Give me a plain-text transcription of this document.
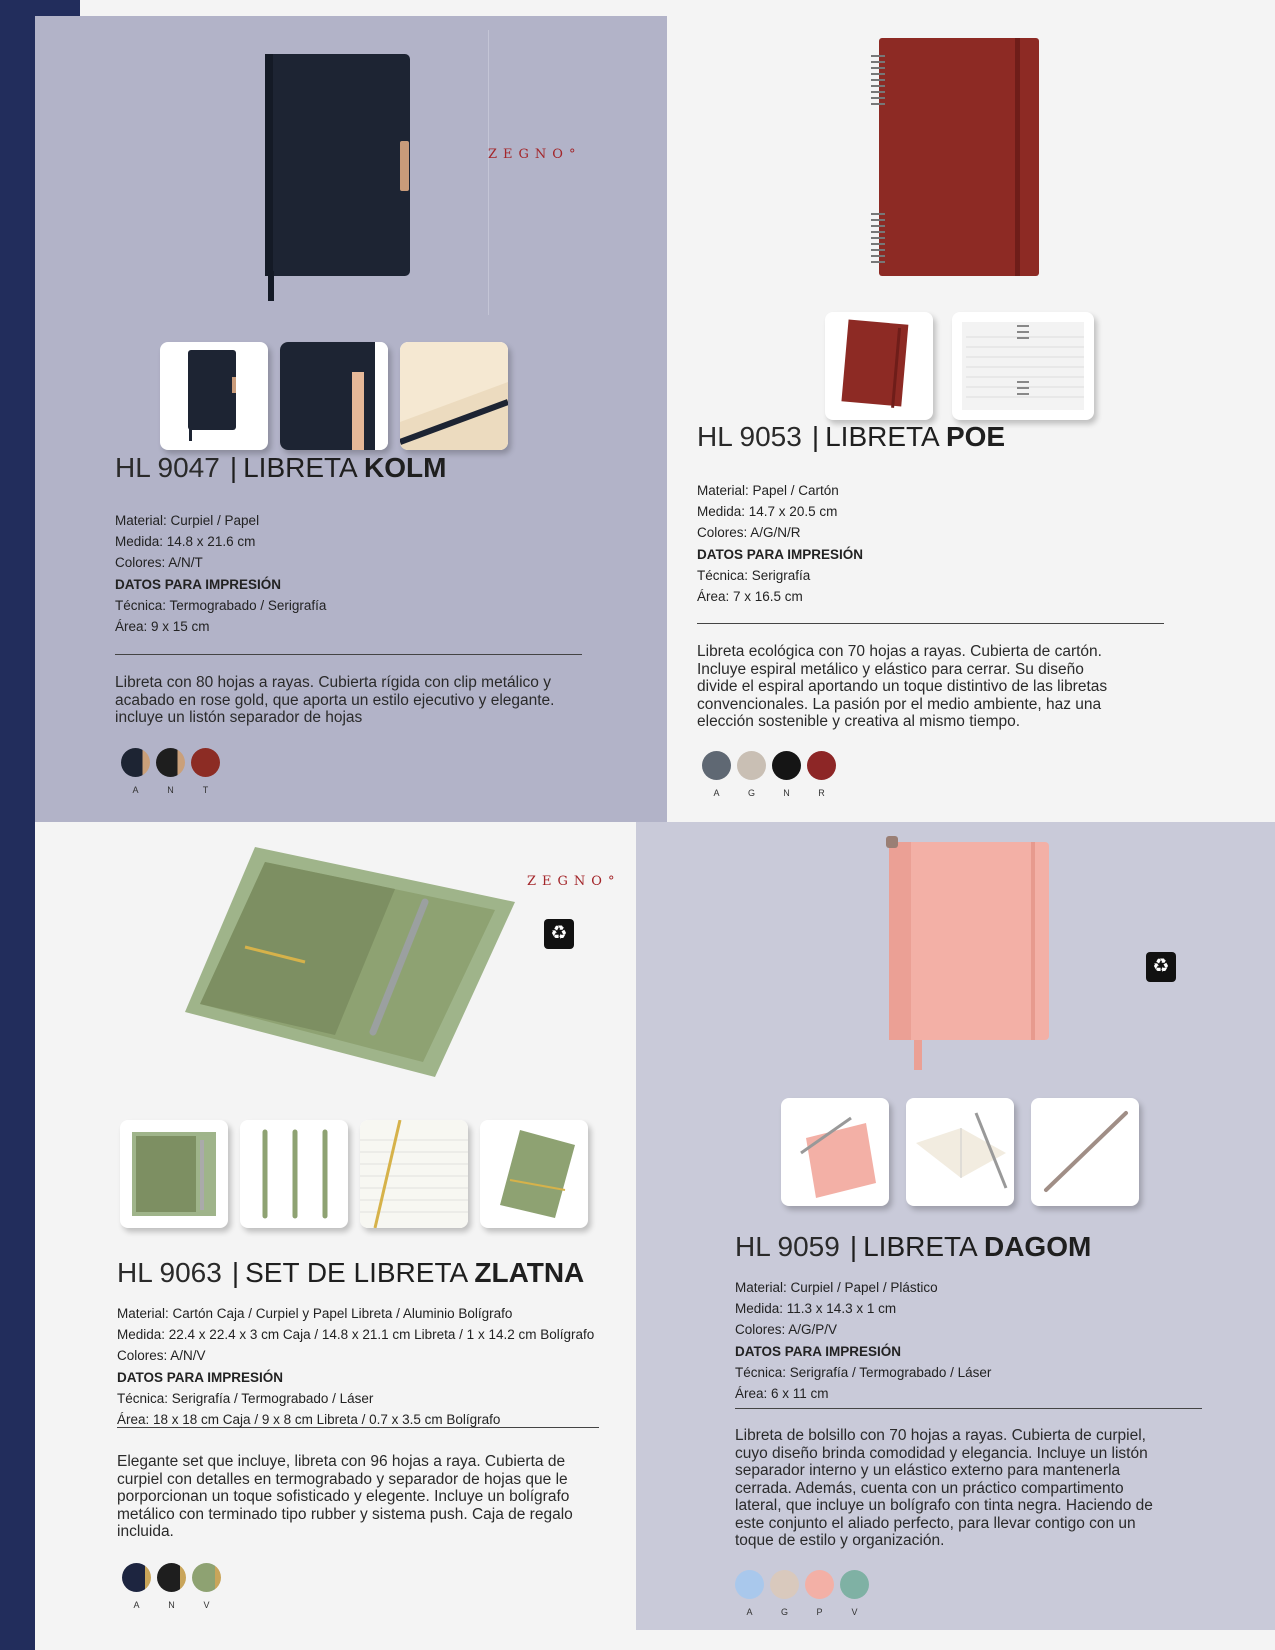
ZEGNO°
HL 9047 | LIBRETA KOLM
Material: Curpiel / Papel
Medida: 14.8 x 21.6 cm
Colores: A/N/T
DATOS PARA IMPRESIÓN
Técnica: Termograbado / Serigrafía
Área: 9 x 15 cm
Libreta con 80 hojas a rayas. Cubierta rígida con clip metálico y acabado en rose gold, que aporta un estilo ejecutivo y elegante. incluye un listón separador de hojas
A	N	T
HL 9053 | LIBRETA POE
Material: Papel / Cartón
Medida: 14.7 x 20.5 cm
Colores: A/G/N/R
DATOS PARA IMPRESIÓN
Técnica: Serigrafía
Área: 7 x 16.5 cm
Libreta ecológica con 70 hojas a rayas. Cubierta de cartón. Incluye espiral metálico y elástico para cerrar. Su diseño divide el espiral aportando un toque distintivo de las libretas convencionales. La pasión por el medio ambiente, haz una elección sostenible y creativa al mismo tiempo.
A	G	N	R
ZEGNO°
♻
HL 9063 | SET DE LIBRETA ZLATNA
Material: Cartón Caja / Curpiel y Papel Libreta / Aluminio Bolígrafo
Medida: 22.4 x 22.4 x 3 cm Caja / 14.8 x 21.1 cm Libreta / 1 x 14.2 cm Bolígrafo
Colores: A/N/V
DATOS PARA IMPRESIÓN
Técnica: Serigrafía / Termograbado / Láser
Área: 18 x 18 cm Caja / 9 x 8 cm Libreta / 0.7 x 3.5 cm Bolígrafo
Elegante set que incluye, libreta con 96 hojas a raya. Cubierta de curpiel con detalles en termograbado y separador de hojas que le porporcionan un toque sofisticado y elegente. Incluye un bolígrafo metálico con terminado tipo rubber y sistema push. Caja de regalo incluida.
A	N	V
♻
HL 9059 | LIBRETA DAGOM
Material: Curpiel / Papel / Plástico
Medida: 11.3 x 14.3 x 1 cm
Colores: A/G/P/V
DATOS PARA IMPRESIÓN
Técnica: Serigrafía / Termograbado / Láser
Área: 6 x 11 cm
Libreta de bolsillo con 70 hojas a rayas. Cubierta de curpiel, cuyo diseño brinda comodidad y elegancia. Incluye un listón separador interno y un elástico externo para mantenerla cerrada. Además, cuenta con un práctico compartimento lateral, que incluye un bolígrafo con tinta negra. Haciendo de este conjunto el aliado perfecto, para llevar contigo con un toque de estilo y organización.
A	G	P	V
